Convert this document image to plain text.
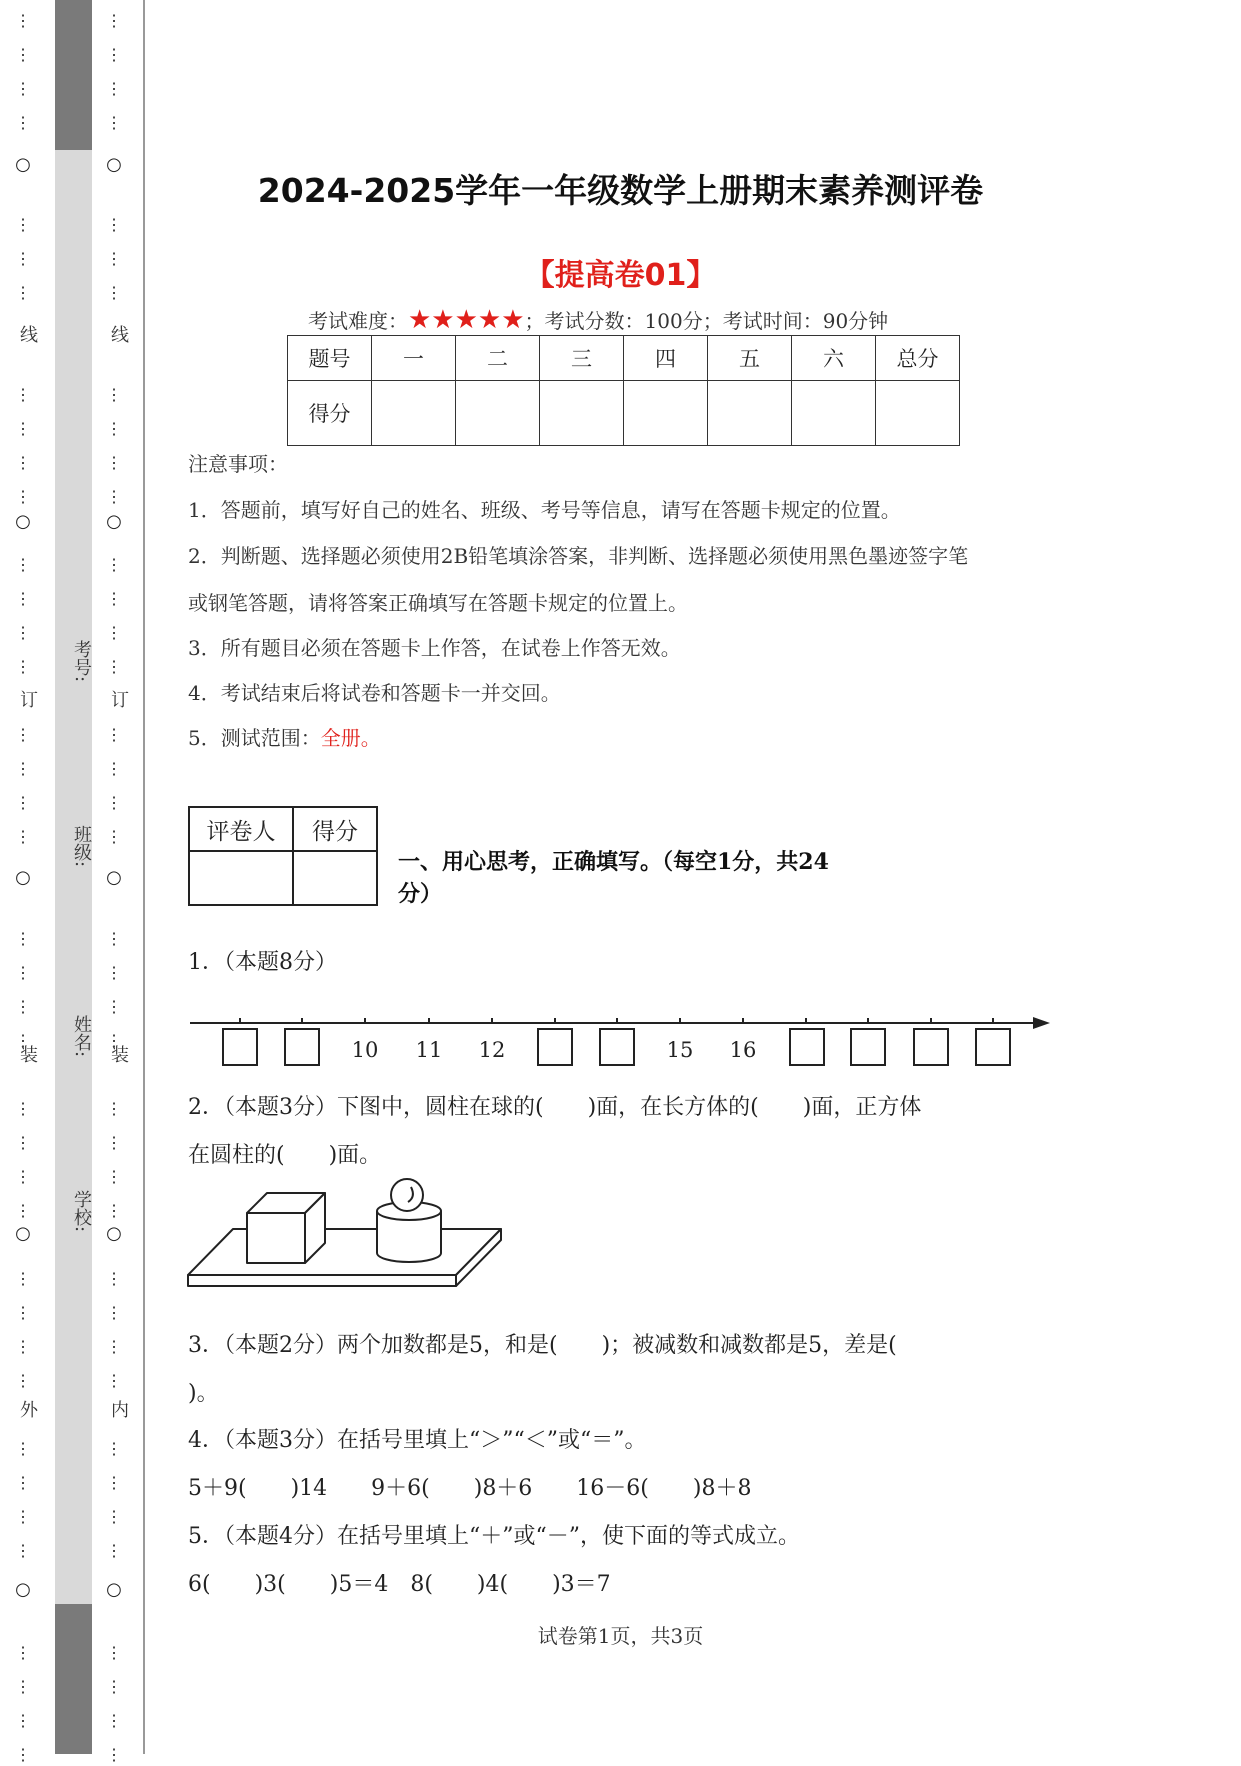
⋮
⋮
⋮
⋮
⋮
⋮
⋮
⋮
⋮
⋮
⋮
⋮
⋮
⋮
⋮
⋮
⋮
⋮
⋮
⋮
⋮
⋮
⋮
⋮
⋮
⋮
⋮
⋮
⋮
⋮
⋮
⋮
⋮
⋮
⋮
⋮
⋮
⋮
⋮
○
○
○
○
○
线
订
装
外
⋮
⋮
⋮
⋮
⋮
⋮
⋮
⋮
⋮
⋮
⋮
⋮
⋮
⋮
⋮
⋮
⋮
⋮
⋮
⋮
⋮
⋮
⋮
⋮
⋮
⋮
⋮
⋮
⋮
⋮
⋮
⋮
⋮
⋮
⋮
⋮
⋮
⋮
⋮
○
○
○
○
○
线
订
装
内
考号:
班级:
姓名:
学校:
2024-2025学年一年级数学上册期末素养测评卷
【提高卷01】
考试难度：★★★★★；考试分数：100分；考试时间：90分钟
题号	一	二	三	四	五	六	总分
得分							
注意事项：
1．答题前，填写好自己的姓名、班级、考号等信息，请写在答题卡规定的位置。
2．判断题、选择题必须使用2B铅笔填涂答案，非判断、选择题必须使用黑色墨迹签字笔
或钢笔答题，请将答案正确填写在答题卡规定的位置上。
3．所有题目必须在答题卡上作答，在试卷上作答无效。
4．考试结束后将试卷和答题卡一并交回。
5．测试范围：全册。
评卷人	得分

一、用心思考，正确填写。（每空1分，共24
分）
1．（本题8分）
10 11 12	15 16
2．（本题3分）下图中，圆柱在球的(　　)面，在长方体的(　　)面，正方体
在圆柱的(　　)面。
3．（本题2分）两个加数都是5，和是(　　)；被减数和减数都是5，差是(
)。
4．（本题3分）在括号里填上“＞”“＜”或“＝”。
5＋9(　　)14　　9＋6(　　)8＋6　　16－6(　　)8＋8
5．（本题4分）在括号里填上“＋”或“－”，使下面的等式成立。
6(　　)3(　　)5＝4　8(　　)4(　　)3＝7
试卷第1页，共3页
